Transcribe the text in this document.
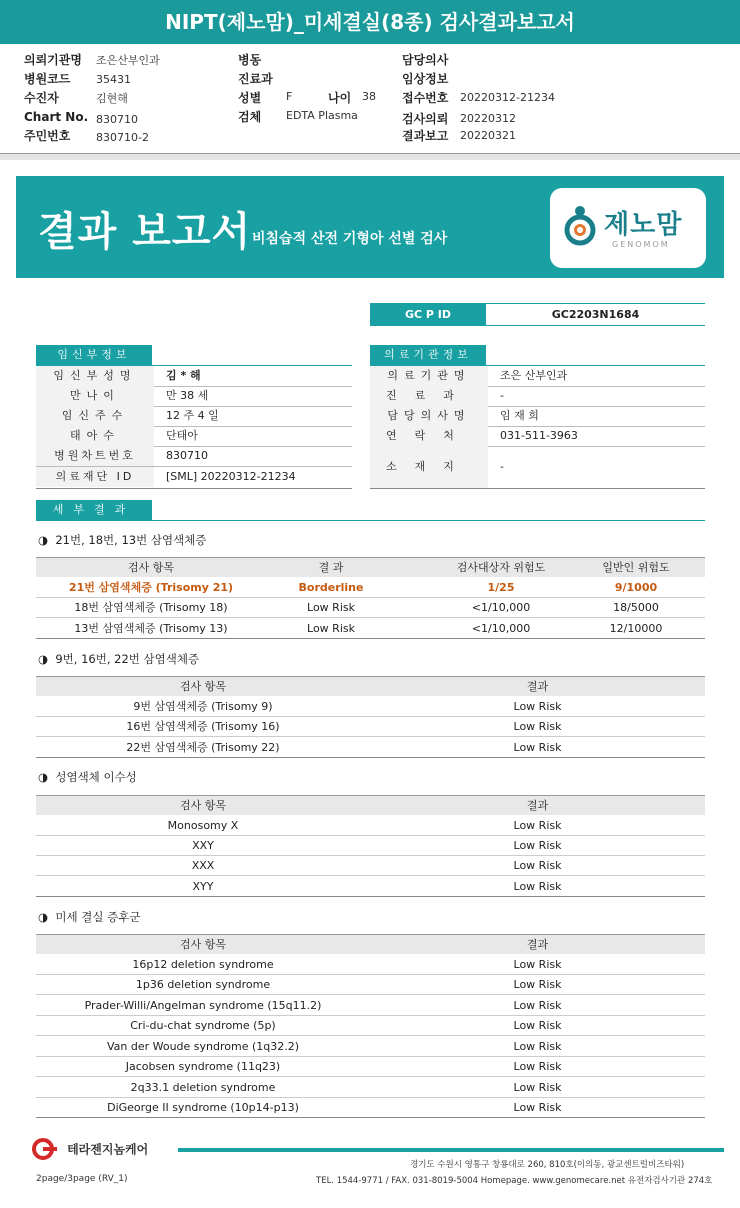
NIPT(제노맘)_미세결실(8종) 검사결과보고서
의뢰기관명 조은산부인과
병원코드 35431
수진자	김현해
Chart No. 830710
주민번호 830710-2
병동
진료과
성별 F	나이 38
검체 EDTA Plasma
담당의사
임상정보
접수번호 20220312-21234
검사의뢰 20220312
결과보고 20220321
결과 보고서 비침습적 산전 기형아 선별 검사	제노맘
GENOMOM
GC P ID	GC2203N1684
임신부정보
임신부성명	김 * 해
만나이	만 38 세
임신주수	12 주 4 일
태아수	단태아
병원차트번호	830710
의료재단 ID	[SML] 20220312-21234
의료기관정보
의료기관명	조은 산부인과
진료과	-
담당의사명	임 재 희
연락처	031-511-3963
소재지	-
세부결과
◑ 21번, 18번, 13번 삼염색체증
검사 항목	결 과	검사대상자 위험도	일반인 위험도
21번 삼염색체증 (Trisomy 21)	Borderline	1/25	9/1000
18번 삼염색체증 (Trisomy 18)	Low Risk	<1/10,000	18/5000
13번 삼염색체증 (Trisomy 13)	Low Risk	<1/10,000	12/10000
◑ 9번, 16번, 22번 삼염색체증
검사 항목	결과
9번 삼염색체증 (Trisomy 9)	Low Risk
16번 삼염색체증 (Trisomy 16)	Low Risk
22번 삼염색체증 (Trisomy 22)	Low Risk
◑ 성염색체 이수성
검사 항목	결과
Monosomy X	Low Risk
XXY	Low Risk
XXX	Low Risk
XYY	Low Risk
◑ 미세 결실 증후군
검사 항목	결과
16p12 deletion syndrome	Low Risk
1p36 deletion syndrome	Low Risk
Prader-Willi/Angelman syndrome (15q11.2)	Low Risk
Cri-du-chat syndrome (5p)	Low Risk
Van der Woude syndrome (1q32.2)	Low Risk
Jacobsen syndrome (11q23)	Low Risk
2q33.1 deletion syndrome	Low Risk
DiGeorge II syndrome (10p14-p13)	Low Risk
테라젠지놈케어
경기도 수원시 영통구 창룡대로 260, 810호(이의동, 광교센트럴비즈타워)
TEL. 1544-9771 / FAX. 031-8019-5004 Homepage. www.genomecare.net 유전자검사기관 274호
2page/3page (RV_1)
